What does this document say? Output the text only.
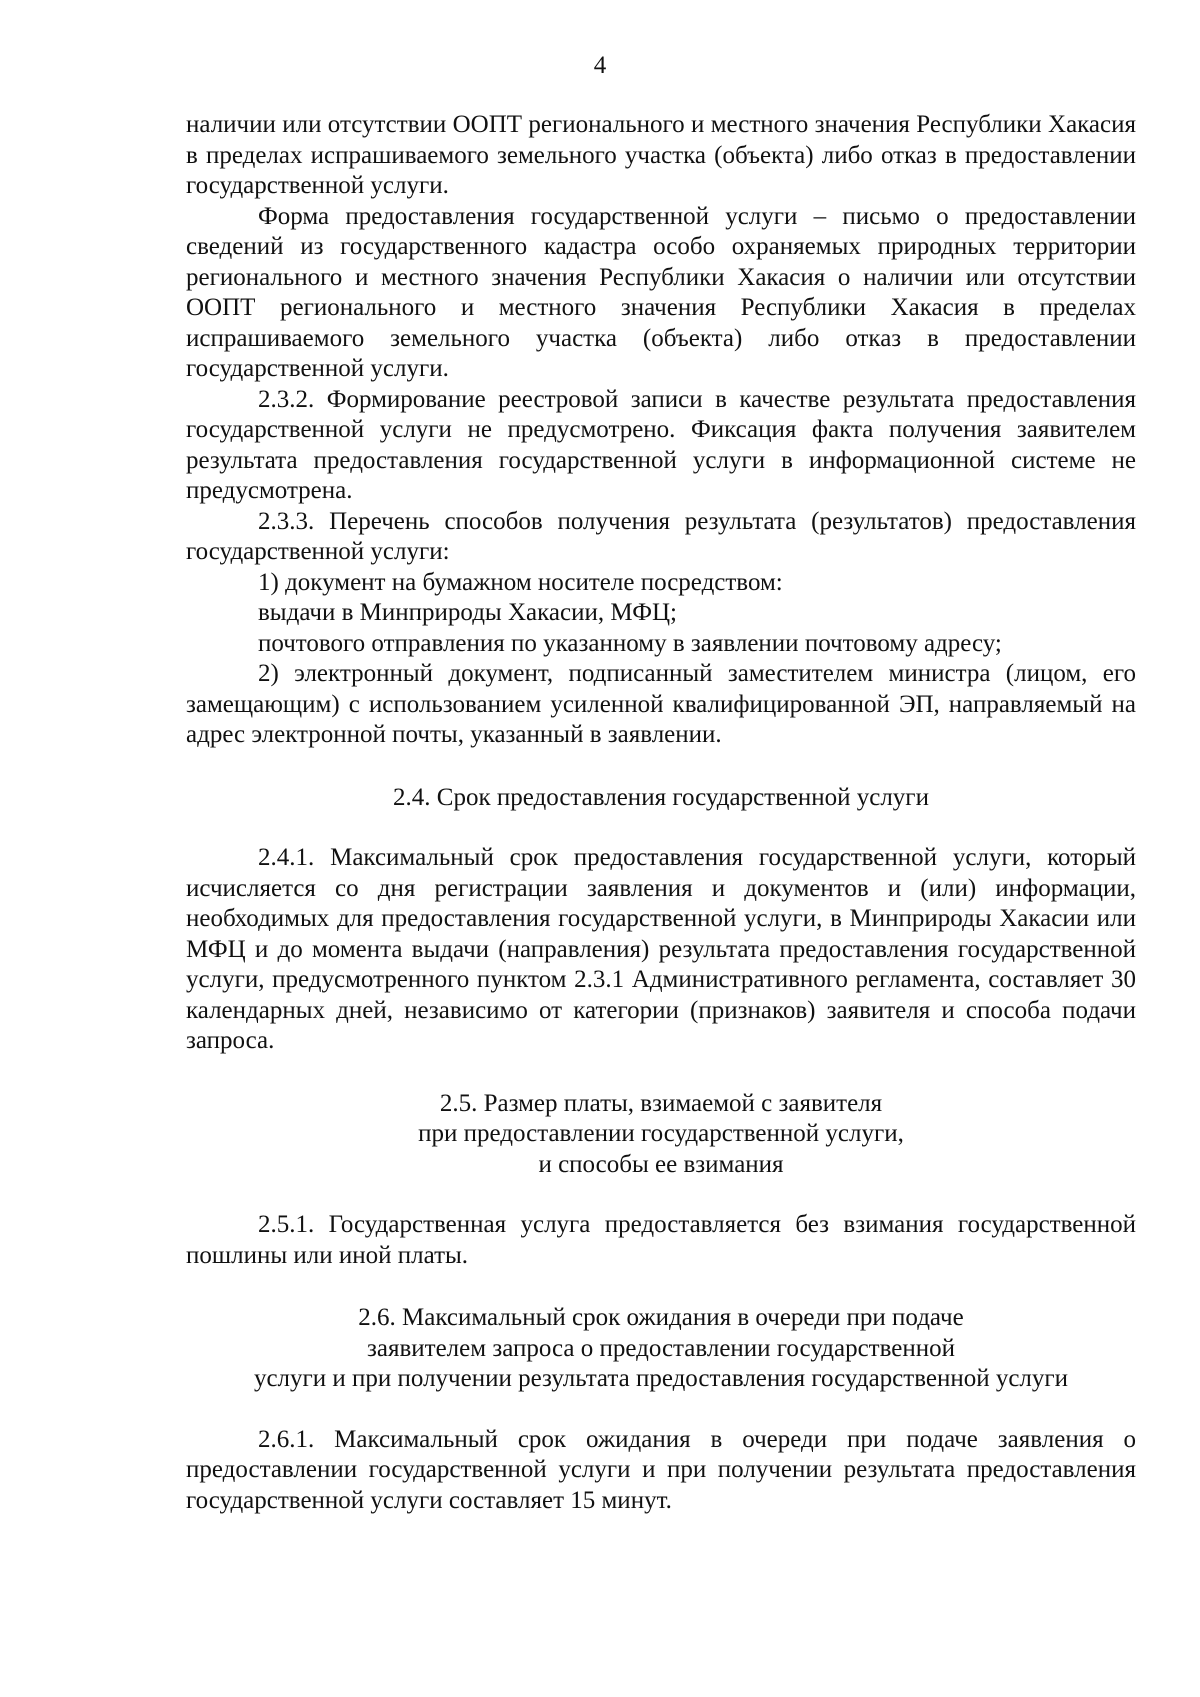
4

наличии или отсутствии ООПТ регионального и местного значения Республики Хакасия в пределах испрашиваемого земельного участка (объекта) либо отказ в предоставлении государственной услуги.

Форма предоставления государственной услуги – письмо о предоставлении сведений из государственного кадастра особо охраняемых природных территории регионального и местного значения Республики Хакасия о наличии или отсутствии ООПТ регионального и местного значения Республики Хакасия в пределах испрашиваемого земельного участка (объекта) либо отказ в предоставлении государственной услуги.

2.3.2. Формирование реестровой записи в качестве результата предоставления государственной услуги не предусмотрено. Фиксация факта получения заявителем результата предоставления государственной услуги в информационной системе не предусмотрена.

2.3.3. Перечень способов получения результата (результатов) предоставления государственной услуги:

1) документ на бумажном носителе посредством:

выдачи в Минприроды Хакасии, МФЦ;

почтового отправления по указанному в заявлении почтовому адресу;

2) электронный документ, подписанный заместителем министра (лицом, его замещающим) с использованием усиленной квалифицированной ЭП, направляемый на адрес электронной почты, указанный в заявлении.

2.4. Срок предоставления государственной услуги

2.4.1. Максимальный срок предоставления государственной услуги, который исчисляется со дня регистрации заявления и документов и (или) информации, необходимых для предоставления государственной услуги, в Минприроды Хакасии или МФЦ и до момента выдачи (направления) результата предоставления государственной услуги, предусмотренного пунктом 2.3.1 Административного регламента, составляет 30 календарных дней, независимо от категории (признаков) заявителя и способа подачи запроса.

2.5. Размер платы, взимаемой с заявителя

при предоставлении государственной услуги,

и способы ее взимания

2.5.1. Государственная услуга предоставляется без взимания государственной пошлины или иной платы.

2.6. Максимальный срок ожидания в очереди при подаче

заявителем запроса о предоставлении государственной

услуги и при получении результата предоставления государственной услуги

2.6.1. Максимальный срок ожидания в очереди при подаче заявления о предоставлении государственной услуги и при получении результата предоставления государственной услуги составляет 15 минут.
